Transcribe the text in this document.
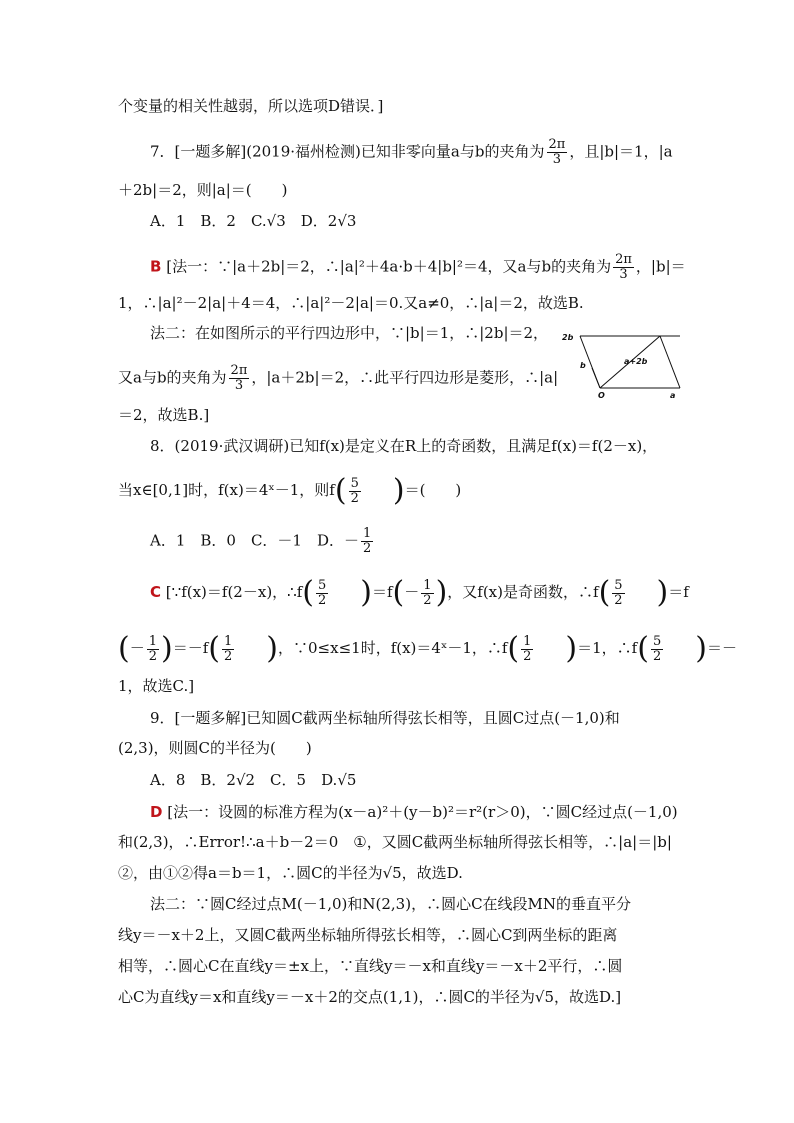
个变量的相关性越弱，所以选项D错误．]
7．[一题多解](2019·福州检测)已知非零向量a与b的夹角为 $\frac{2\pi}{3}$ ，且|b|＝1，|a
＋2b|＝2，则|a|＝(　　)
A．1　B．2　C.√3　D．2√3
B [法一：∵|a＋2b|＝2，∴|a|²＋4a·b＋4|b|²＝4，又a与b的夹角为 $\frac{2\pi}{3}$ ，|b|＝
1，∴|a|²－2|a|＋4＝4，∴|a|²－2|a|＝0.又a≠0，∴|a|＝2，故选B.
法二：在如图所示的平行四边形中，∵|b|＝1，∴|2b|＝2，
又a与b的夹角为 $\frac{2\pi}{3}$ ，|a＋2b|＝2，∴此平行四边形是菱形，∴|a|
＝2，故选B.]
2b
b	a+2b
O	a
8．(2019·武汉调研)已知f(x)是定义在R上的奇函数，且满足f(x)＝f(2－x)，
当x∈[0,1]时，f(x)＝4ˣ－1，则$f( \frac{5}{2}$ 　)＝(　　)
A．1　B．0　C．－1　D．－ $\frac{1}{2}$
C [∵f(x)＝f(2－x)，∴f( $\frac{5}{2}$ 　)$=f(- \frac{1}{2}$ )，又f(x)是奇函数，∴f( $\frac{5}{2}$ 　)＝f
(－ $\frac{1}{2} )=-f( \frac{1}{2}$ 　)，∵0≤x≤1时，f(x)＝4ˣ－1，∴f( $\frac{1}{2}$ 　)＝1，∴f( $\frac{5}{2}$ 　)＝－
1，故选C.]
9．[一题多解]已知圆C截两坐标轴所得弦长相等，且圆C过点(－1,0)和
(2,3)，则圆C的半径为(　　)
A．8　B．2√2　C．5　D.√5
D [法一：设圆的标准方程为(x－a)²＋(y－b)²＝r²(r＞0)，∵圆C经过点(－1,0)
和(2,3)，∴Error!∴a＋b－2＝0　①，又圆C截两坐标轴所得弦长相等，∴|a|＝|b|
②，由①②得a＝b＝1，∴圆C的半径为√5，故选D.
法二：∵圆C经过点M(－1,0)和N(2,3)，∴圆心C在线段MN的垂直平分
线y＝－x＋2上，又圆C截两坐标轴所得弦长相等，∴圆心C到两坐标的距离
相等，∴圆心C在直线y＝±x上，∵直线y＝－x和直线y＝－x＋2平行，∴圆
心C为直线y＝x和直线y＝－x＋2的交点(1,1)，∴圆C的半径为√5，故选D.]
